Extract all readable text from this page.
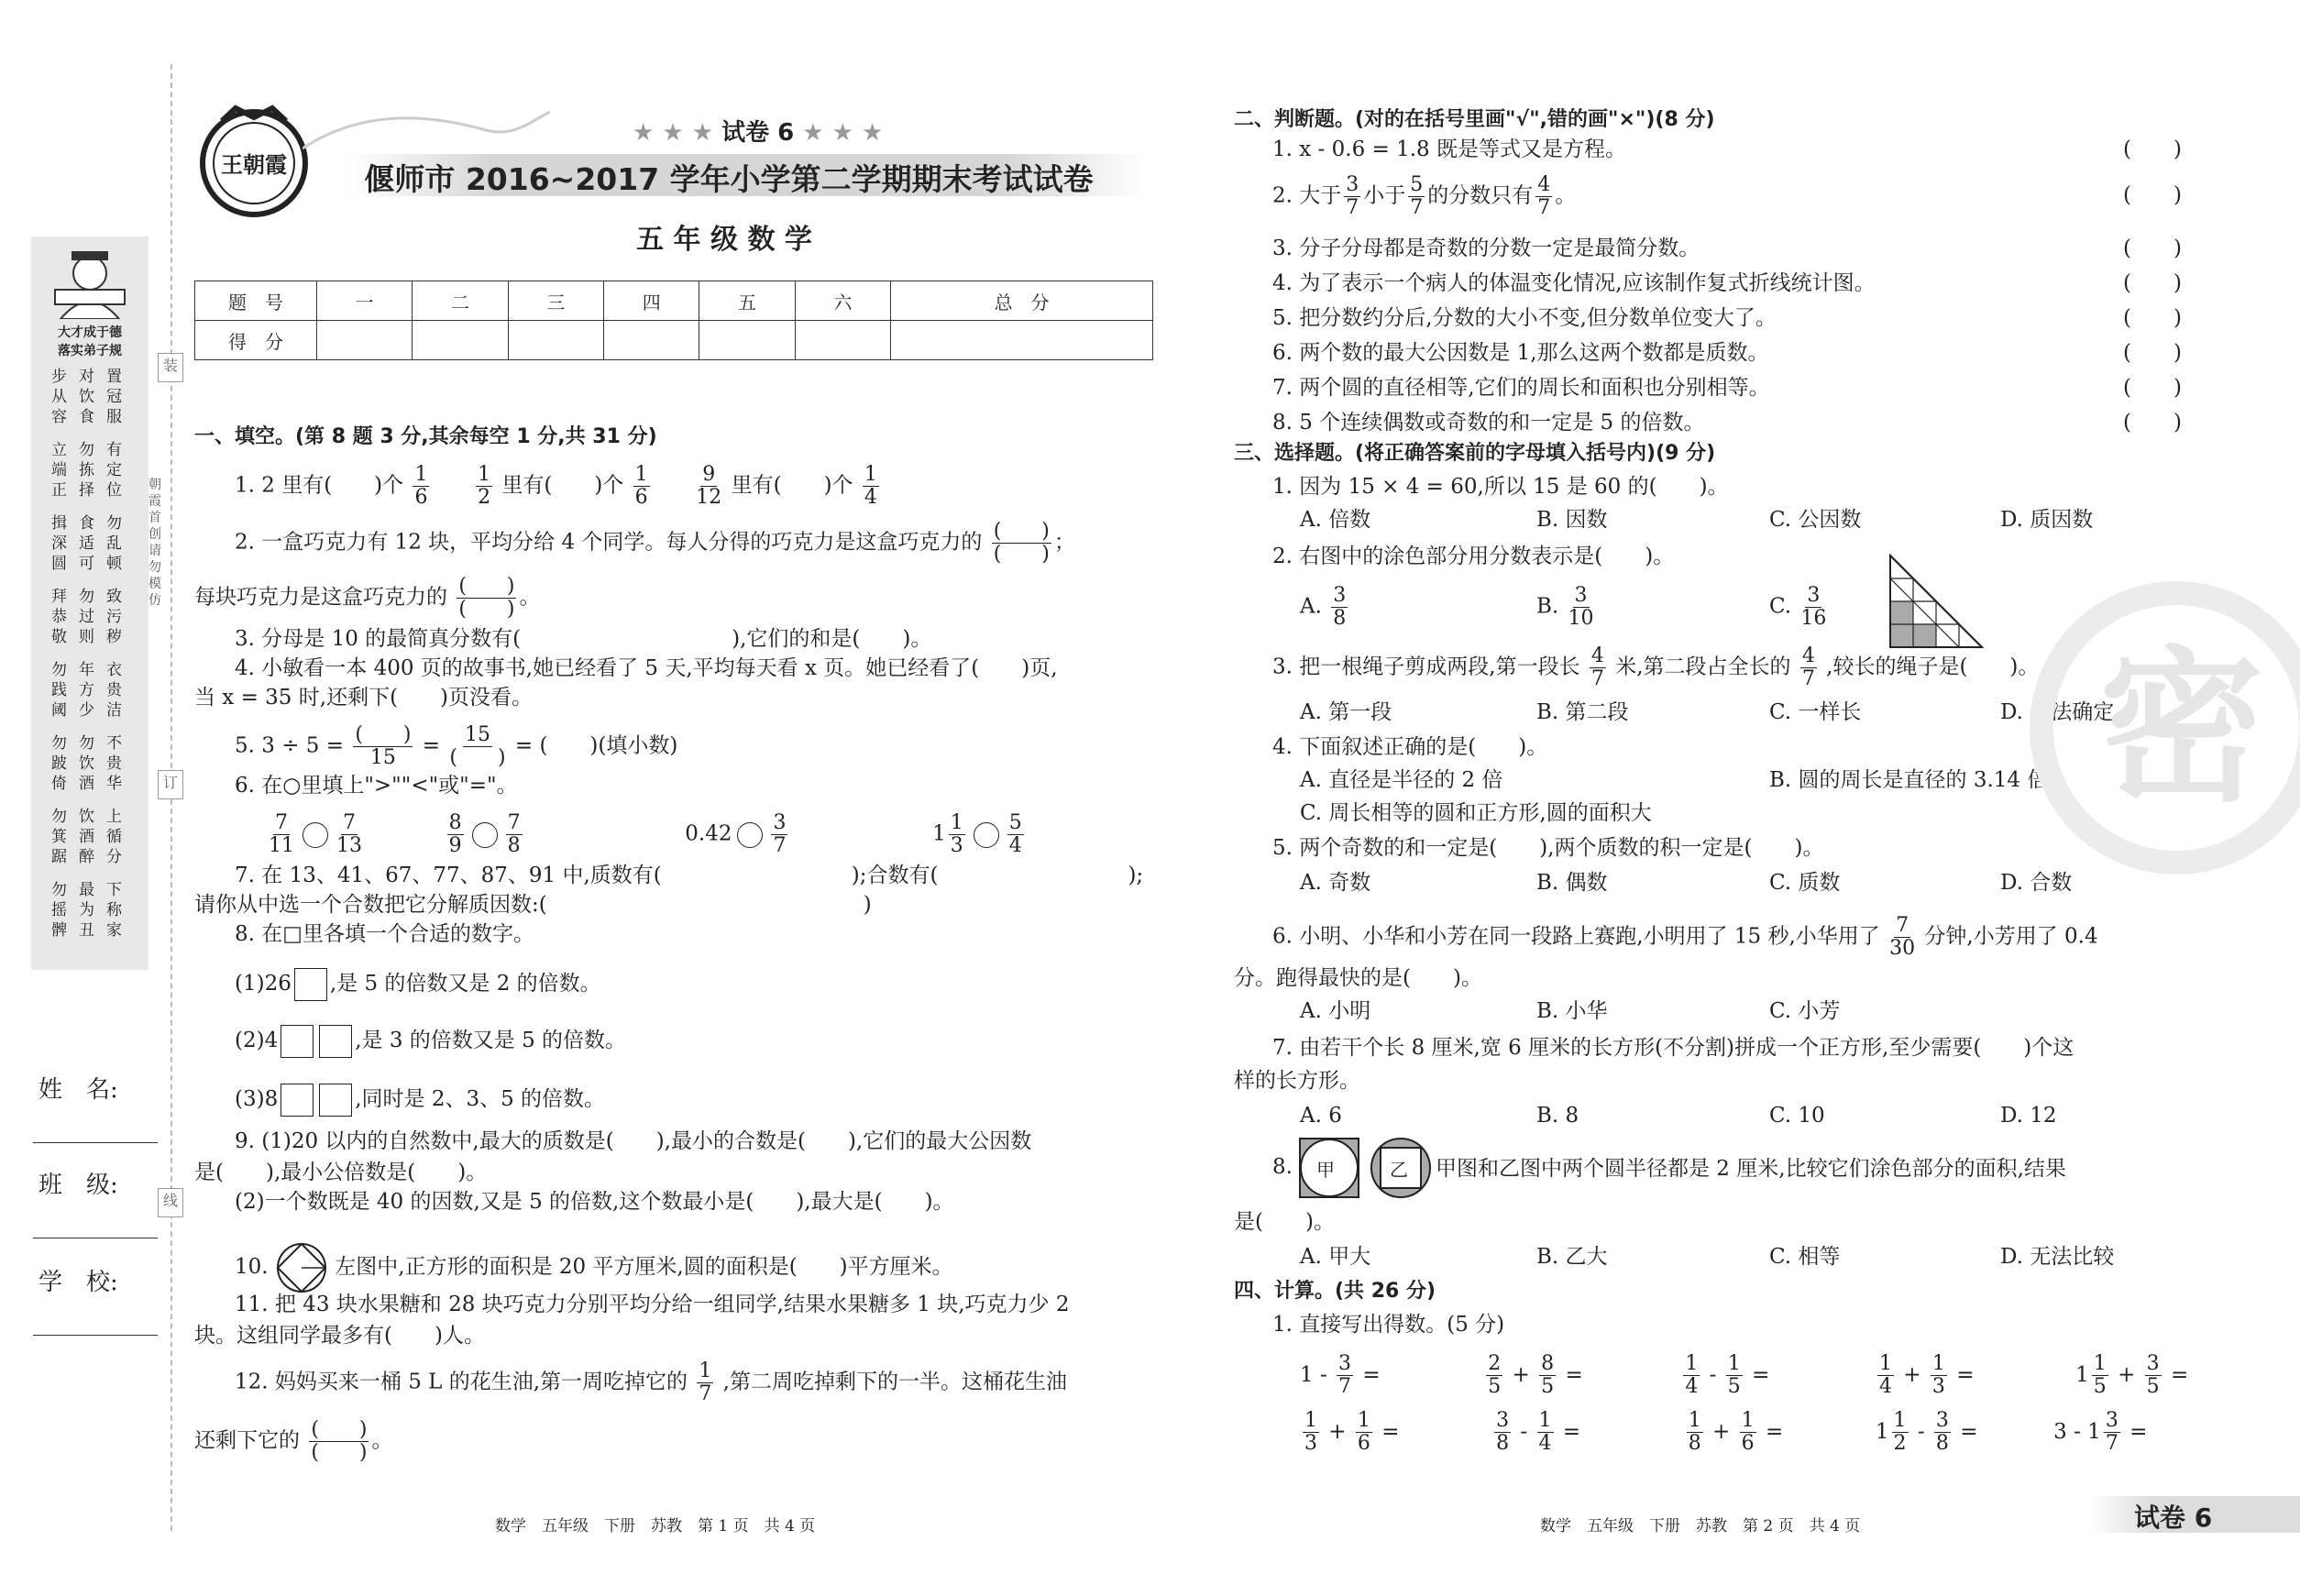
大才成于德
落实弟子规
步从容
对饮食
置冠服
立端正
勿拣择
有定位
揖深圆
食适可
勿乱顿
拜恭敬
勿过则
致污秽
勿践阈
年方少
衣贵洁
勿跛倚
勿饮酒
不贵华
勿箕踞
饮酒醉
上循分
勿摇髀
最为丑
下称家
朝霞首创 请勿模仿
装
订
线
姓　名:
班　级:
学　校:
王朝霞
★ ★ ★ 试卷 6 ★ ★ ★
偃师市 2016~2017 学年小学第二学期期末考试试卷
五 年 级 数 学
题　号	一	二	三	四	五	六	总　分
得　分							
一、填空。(第 8 题 3 分,其余每空 1 分,共 31 分)
1. 2 里有(　　)个 $\frac{1}{6}$
$\frac{1}{2}$ 里有(　　)个 $\frac{1}{6}$
$\frac{9}{12}$ 里有(　　)个 $\frac{1}{4}$
2. 一盒巧克力有 12 块，平均分给 4 个同学。每人分得的巧克力是这盒巧克力的 $\frac{( )}{( )}$ ；
每块巧克力是这盒巧克力的 $\frac{( )}{( )}$ 。
3. 分母是 10 的最简真分数有(　　　　　　　　　　),它们的和是(　　)。
4. 小敏看一本 400 页的故事书,她已经看了 5 天,平均每天看 x 页。她已经看了(　　)页,
当 x = 35 时,还剩下(　　)页没看。
5. $3 \div 5 = \frac{( )}{15} = \frac{15}{( )}$ = (　　)(填小数)
6. 在○里填上">""<"或"="。
$\frac{7}{11} \frac{7}{13}$
	$\frac{8}{9} \frac{7}{8}$	$0.42 \frac{3}{7}$	$1 \frac{1}{3} \frac{5}{4}$
7. 在 13、41、67、77、87、91 中,质数有(　　　　　　　　　);合数有(　　　　　　　　　);
请你从中选一个合数把它分解质因数:(　　　　　　　　　　　　　　　)
8. 在□里各填一个合适的数字。
(1)26 ,是 5 的倍数又是 2 的倍数。
(2)4	,是 3 的倍数又是 5 的倍数。
(3)8	,同时是 2、3、5 的倍数。
9. (1)20 以内的自然数中,最大的质数是(　　),最小的合数是(　　),它们的最大公因数
是(　　),最小公倍数是(　　)。
(2)一个数既是 40 的因数,又是 5 的倍数,这个数最小是(　　),最大是(　　)。
10.	左图中,正方形的面积是 20 平方厘米,圆的面积是(　　)平方厘米。
11. 把 43 块水果糖和 28 块巧克力分别平均分给一组同学,结果水果糖多 1 块,巧克力少 2
块。这组同学最多有(　　)人。
12. 妈妈买来一桶 5 L 的花生油,第一周吃掉它的 $\frac{1}{7}$ ,第二周吃掉剩下的一半。这桶花生油
还剩下它的 $\frac{( )}{( )}$ 。
数学　五年级　下册　苏教　第 1 页　共 4 页
二、判断题。(对的在括号里画"√",错的画"×")(8 分)
1. x - 0.6 = 1.8 既是等式又是方程。	(　　)
2. 大于 $\frac{3}{7}$ 小于 $\frac{5}{7}$ 的分数只有 $\frac{4}{7}$ 。	(　　)
3. 分子分母都是奇数的分数一定是最简分数。	(　　)
4. 为了表示一个病人的体温变化情况,应该制作复式折线统计图。	(　　)
5. 把分数约分后,分数的大小不变,但分数单位变大了。	(　　)
6. 两个数的最大公因数是 1,那么这两个数都是质数。	(　　)
7. 两个圆的直径相等,它们的周长和面积也分别相等。	(　　)
8. 5 个连续偶数或奇数的和一定是 5 的倍数。	(　　)
三、选择题。(将正确答案前的字母填入括号内)(9 分)
1. 因为 15 × 4 = 60,所以 15 是 60 的(　　)。
A. 倍数	B. 因数	C. 公因数	D. 质因数
2. 右图中的涂色部分用分数表示是(　　)。
A. $\frac{3}{8}$	B. $\frac{3}{10}$	C. $\frac{3}{16}$
3. 把一根绳子剪成两段,第一段长 $\frac{4}{7}$ 米,第二段占全长的 $\frac{4}{7}$ ,较长的绳子是(　　)。
A. 第一段	B. 第二段	C. 一样长	D. 无法确定
4. 下面叙述正确的是(　　)。
A. 直径是半径的 2 倍	B. 圆的周长是直径的 3.14 倍
C. 周长相等的圆和正方形,圆的面积大
5. 两个奇数的和一定是(　　),两个质数的积一定是(　　)。
A. 奇数	B. 偶数	C. 质数	D. 合数
6. 小明、小华和小芳在同一段路上赛跑,小明用了 15 秒,小华用了 $\frac{7}{30}$ 分钟,小芳用了 0.4
分。跑得最快的是(　　)。
A. 小明	B. 小华	C. 小芳
7. 由若干个长 8 厘米,宽 6 厘米的长方形(不分割)拼成一个正方形,至少需要(　　)个这
样的长方形。
A. 6	B. 8	C. 10	D. 12
8. 甲	乙 甲图和乙图中两个圆半径都是 2 厘米,比较它们涂色部分的面积,结果
是(　　)。
A. 甲大	B. 乙大	C. 相等	D. 无法比较
四、计算。(共 26 分)
1. 直接写出得数。(5 分)
$1 - \frac{3}{7}$ =	$\frac{2}{5} + \frac{8}{5}$ =	$\frac{1}{4} - \frac{1}{5}$ =	$\frac{1}{4} + \frac{1}{3}$ =	$1 \frac{1}{5} + \frac{3}{5}$ =
$\frac{1}{3} + \frac{1}{6}$ =	$\frac{3}{8} - \frac{1}{4}$ =	$\frac{1}{8} + \frac{1}{6}$ =	$1 \frac{1}{2} - \frac{3}{8}$ =	$3 - 1 \frac{3}{7}$ =
密
数学　五年级　下册　苏教　第 2 页　共 4 页	试卷 6
